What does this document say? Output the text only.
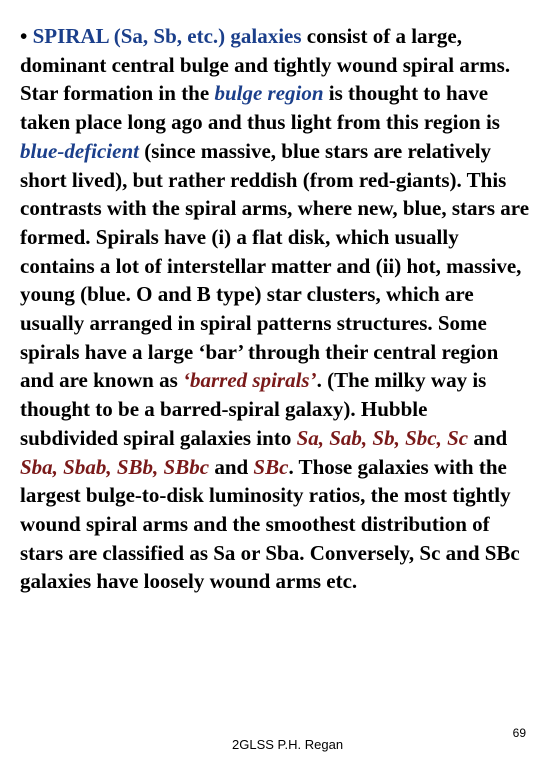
• SPIRAL (Sa, Sb, etc.) galaxies consist of a large, dominant central bulge and tightly wound spiral arms. Star formation in the bulge region is thought to have taken place long ago and thus light from this region is blue-deficient (since massive, blue stars are relatively short lived), but rather reddish (from red-giants). This contrasts with the spiral arms, where new, blue, stars are formed. Spirals have (i) a flat disk, which usually contains a lot of interstellar matter and (ii) hot, massive, young (blue. O and B type) star clusters, which are usually arranged in spiral patterns structures. Some spirals have a large ‘bar’ through their central region and are known as ‘barred spirals’. (The milky way is thought to be a barred-spiral galaxy). Hubble subdivided spiral galaxies into Sa, Sab, Sb, Sbc, Sc and Sba, Sbab, SBb, SBbc and SBc. Those galaxies with the largest bulge-to-disk luminosity ratios, the most tightly wound spiral arms and the smoothest distribution of stars are classified as Sa or Sba. Conversely, Sc and SBc galaxies have loosely wound arms etc.
2GLSS P.H. Regan
69
